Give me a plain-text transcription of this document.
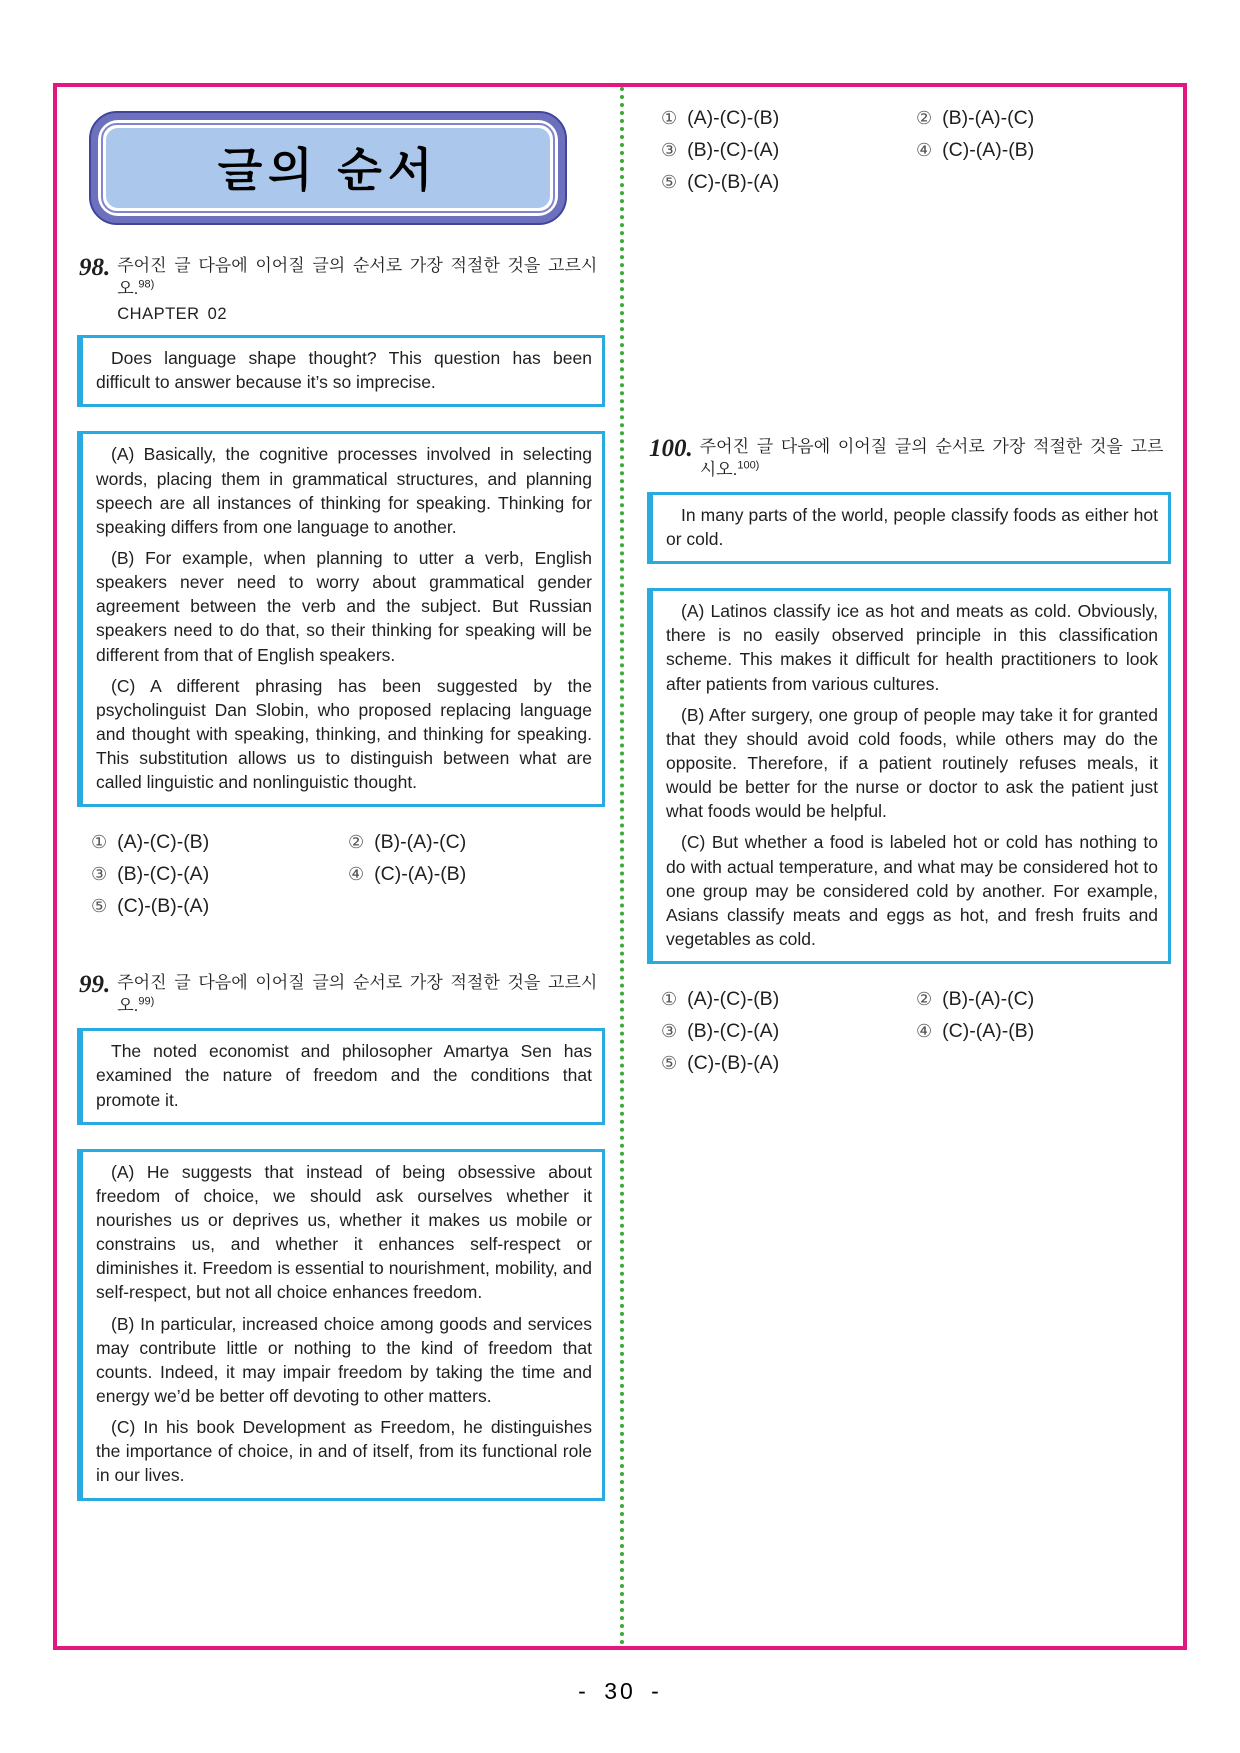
글의 순서
98. 주어진 글 다음에 이어질 글의 순서로 가장 적절한 것을 고르시오.$^{98)}$
CHAPTER 02

Does language shape thought? This question has been difficult to answer because it’s so imprecise.

(A) Basically, the cognitive processes involved in selecting words, placing them in grammatical structures, and planning speech are all instances of thinking for speaking. Thinking for speaking differs from one language to another.

(B) For example, when planning to utter a verb, English speakers never need to worry about grammatical gender agreement between the verb and the subject. But Russian speakers need to do that, so their thinking for speaking will be different from that of English speakers.

(C) A different phrasing has been suggested by the psycholinguist Dan Slobin, who proposed replacing language and thought with speaking, thinking, and thinking for speaking. This substitution allows us to distinguish between what are called linguistic and nonlinguistic thought.

① (A)-(C)-(B)	② (B)-(A)-(C)
③ (B)-(C)-(A)	④ (C)-(A)-(B)
⑤ (C)-(B)-(A)
99. 주어진 글 다음에 이어질 글의 순서로 가장 적절한 것을 고르시오.$^{99)}$

The noted economist and philosopher Amartya Sen has examined the nature of freedom and the conditions that promote it.

(A) He suggests that instead of being obsessive about freedom of choice, we should ask ourselves whether it nourishes us or deprives us, whether it makes us mobile or constrains us, and whether it enhances self-respect or diminishes it. Freedom is essential to nourishment, mobility, and self-respect, but not all choice enhances freedom.

(B) In particular, increased choice among goods and services may contribute little or nothing to the kind of freedom that counts. Indeed, it may impair freedom by taking the time and energy we’d be better off devoting to other matters.

(C) In his book Development as Freedom, he distinguishes the importance of choice, in and of itself, from its functional role in our lives.

① (A)-(C)-(B)	② (B)-(A)-(C)
③ (B)-(C)-(A)	④ (C)-(A)-(B)
⑤ (C)-(B)-(A)
100. 주어진 글 다음에 이어질 글의 순서로 가장 적절한 것을 고르시오.$^{100)}$

In many parts of the world, people classify foods as either hot or cold.

(A) Latinos classify ice as hot and meats as cold. Obviously, there is no easily observed principle in this classification scheme. This makes it difficult for health practitioners to look after patients from various cultures.

(B) After surgery, one group of people may take it for granted that they should avoid cold foods, while others may do the opposite. Therefore, if a patient routinely refuses meals, it would be better for the nurse or doctor to ask the patient just what foods would be helpful.

(C) But whether a food is labeled hot or cold has nothing to do with actual temperature, and what may be considered hot to one group may be considered cold by another. For example, Asians classify meats and eggs as hot, and fresh fruits and vegetables as cold.

① (A)-(C)-(B)	② (B)-(A)-(C)
③ (B)-(C)-(A)	④ (C)-(A)-(B)
⑤ (C)-(B)-(A)
- 30 -
